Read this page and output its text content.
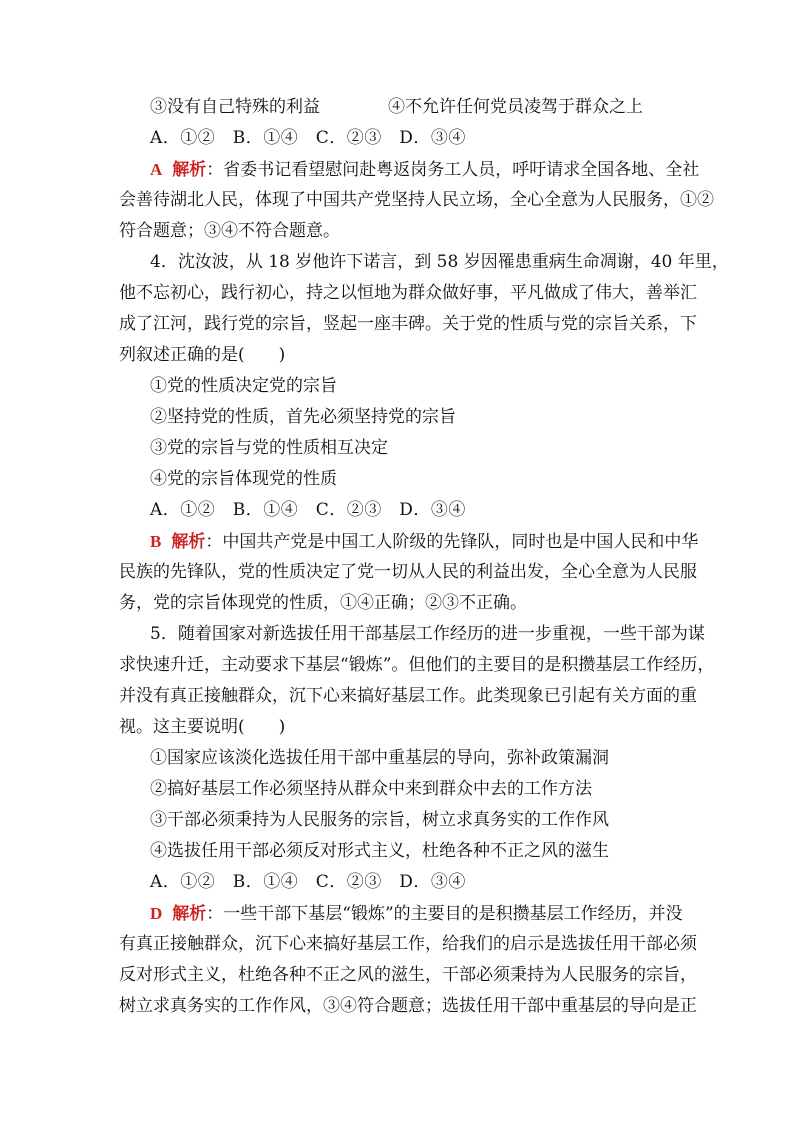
③没有自己特殊的利益	④不允许任何党员凌驾于群众之上
A．①②　B．①④　C．②③　D．③④
A 解析：省委书记看望慰问赴粤返岗务工人员，呼吁请求全国各地、全社
会善待湖北人民，体现了中国共产党坚持人民立场，全心全意为人民服务，①②
符合题意；③④不符合题意。
4．沈汝波，从 18 岁他许下诺言，到 58 岁因罹患重病生命凋谢，40 年里，
他不忘初心，践行初心，持之以恒地为群众做好事，平凡做成了伟大，善举汇
成了江河，践行党的宗旨，竖起一座丰碑。关于党的性质与党的宗旨关系，下
列叙述正确的是(　　)
①党的性质决定党的宗旨
②坚持党的性质，首先必须坚持党的宗旨
③党的宗旨与党的性质相互决定
④党的宗旨体现党的性质
A．①②　B．①④　C．②③　D．③④
B 解析：中国共产党是中国工人阶级的先锋队，同时也是中国人民和中华
民族的先锋队，党的性质决定了党一切从人民的利益出发，全心全意为人民服
务，党的宗旨体现党的性质，①④正确；②③不正确。
5．随着国家对新选拔任用干部基层工作经历的进一步重视，一些干部为谋
求快速升迁，主动要求下基层“锻炼”。但他们的主要目的是积攒基层工作经历，
并没有真正接触群众，沉下心来搞好基层工作。此类现象已引起有关方面的重
视。这主要说明(　　)
①国家应该淡化选拔任用干部中重基层的导向，弥补政策漏洞
②搞好基层工作必须坚持从群众中来到群众中去的工作方法
③干部必须秉持为人民服务的宗旨，树立求真务实的工作作风
④选拔任用干部必须反对形式主义，杜绝各种不正之风的滋生
A．①②　B．①④　C．②③　D．③④
D 解析：一些干部下基层“锻炼”的主要目的是积攒基层工作经历，并没
有真正接触群众，沉下心来搞好基层工作，给我们的启示是选拔任用干部必须
反对形式主义，杜绝各种不正之风的滋生，干部必须秉持为人民服务的宗旨，
树立求真务实的工作作风，③④符合题意；选拔任用干部中重基层的导向是正
